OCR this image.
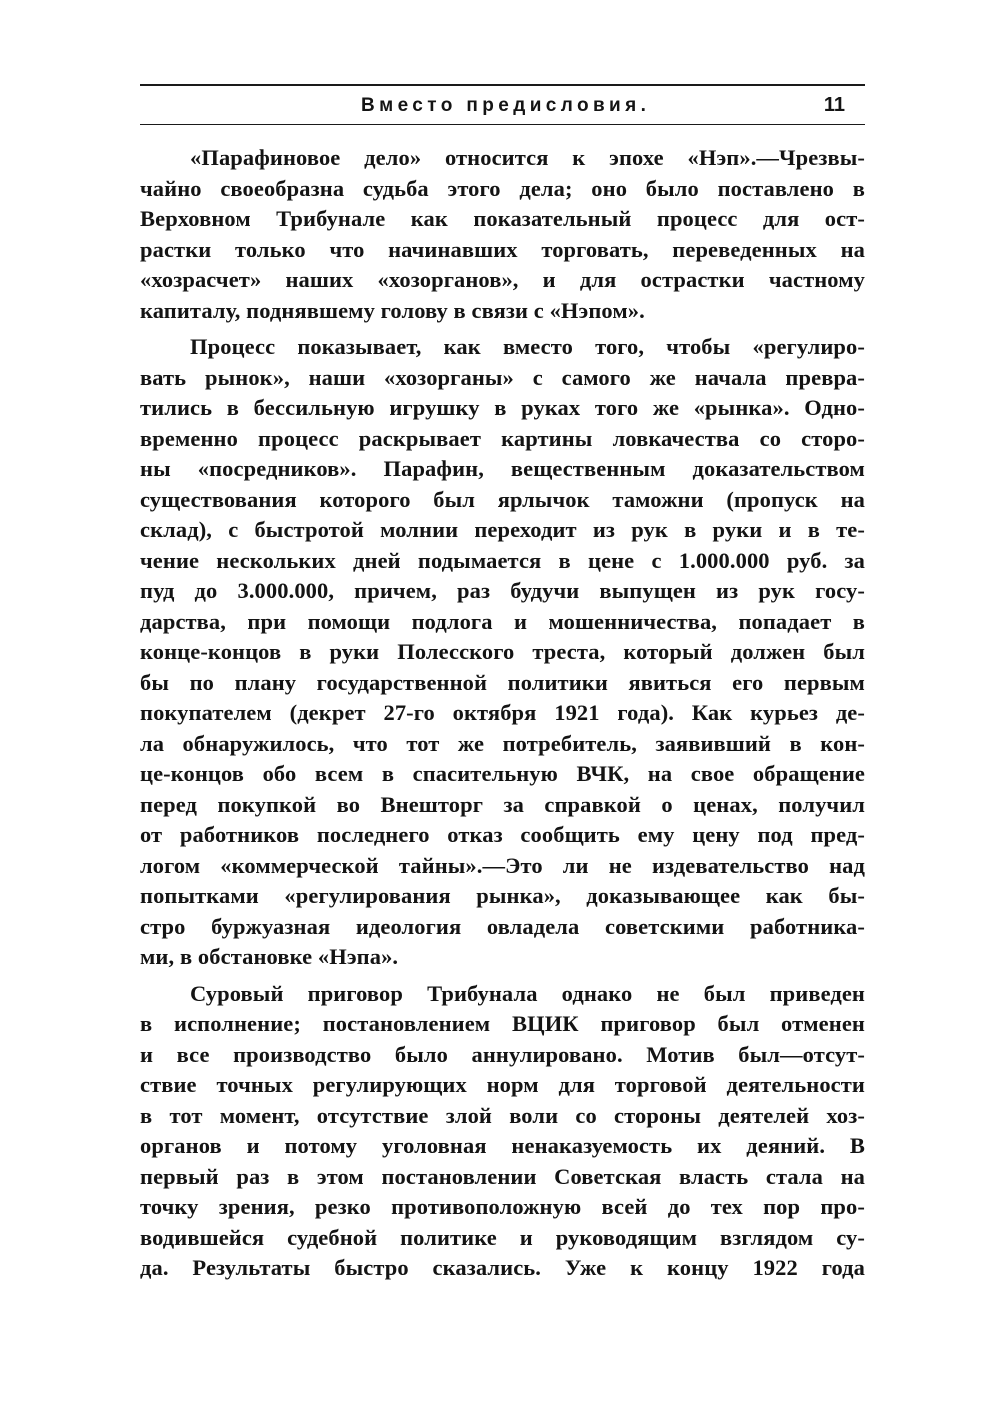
Вместо предисловия.	11
«Парафиновое дело» относится к эпохе «Нэп».—Чрезвы-
чайно своеобразна судьба этого дела; оно было поставлено в
Верховном Трибунале как показательный процесс для ост-
растки только что начинавших торговать, переведенных на
«хозрасчет» наших «хозорганов», и для острастки частному
капиталу, поднявшему голову в связи с «Нэпом».
Процесс показывает, как вместо того, чтобы «регулиро-
вать рынок», наши «хозорганы» с самого же начала превра-
тились в бессильную игрушку в руках того же «рынка». Одно-
временно процесс раскрывает картины ловкачества со сторо-
ны «посредников». Парафин, вещественным доказательством
существования которого был ярлычок таможни (пропуск на
склад), с быстротой молнии переходит из рук в руки и в те-
чение нескольких дней подымается в цене с 1.000.000 руб. за
пуд до 3.000.000, причем, раз будучи выпущен из рук госу-
дарства, при помощи подлога и мошенничества, попадает в
конце-концов в руки Полесского треста, который должен был
бы по плану государственной политики явиться его первым
покупателем (декрет 27-го октября 1921 года). Как курьез де-
ла обнаружилось, что тот же потребитель, заявивший в кон-
це-концов обо всем в спасительную ВЧК, на свое обращение
перед покупкой во Внешторг за справкой о ценах, получил
от работников последнего отказ сообщить ему цену под пред-
логом «коммерческой тайны».—Это ли не издевательство над
попытками «регулирования рынка», доказывающее как бы-
стро буржуазная идеология овладела советскими работника-
ми, в обстановке «Нэпа».
Суровый приговор Трибунала однако не был приведен
в исполнение; постановлением ВЦИК приговор был отменен
и все производство было аннулировано. Мотив был—отсут-
ствие точных регулирующих норм для торговой деятельности
в тот момент, отсутствие злой воли со стороны деятелей хоз-
органов и потому уголовная ненаказуемость их деяний. В
первый раз в этом постановлении Советская власть стала на
точку зрения, резко противоположную всей до тех пор про-
водившейся судебной политике и руководящим взглядом су-
да. Результаты быстро сказались. Уже к концу 1922 года
